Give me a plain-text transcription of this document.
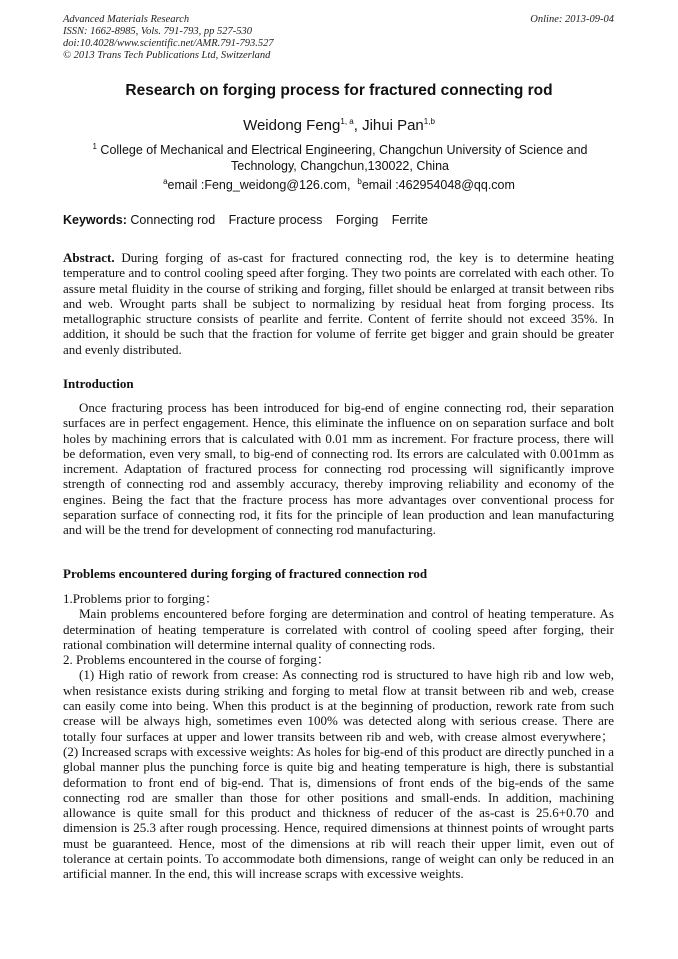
Advanced Materials Research
ISSN: 1662-8985, Vols. 791-793, pp 527-530
doi:10.4028/www.scientific.net/AMR.791-793.527
© 2013 Trans Tech Publications Ltd, Switzerland
Online: 2013-09-04
Research on forging process for fractured connecting rod
Weidong Feng$^{1, a}$, Jihui Pan$^{1,b}$
$^1$ College of Mechanical and Electrical Engineering, Changchun University of Science and Technology, Changchun,130022, China
$^a$email :Feng_weidong@126.com, $^b$email :462954048@qq.com
Keywords: Connecting rod Fracture process Forging Ferrite
Abstract. During forging of as-cast for fractured connecting rod, the key is to determine heating temperature and to control cooling speed after forging. They two points are correlated with each other. To assure metal fluidity in the course of striking and forging, fillet should be enlarged at transit between ribs and web. Wrought parts shall be subject to normalizing by residual heat from forging process. Its metallographic structure consists of pearlite and ferrite. Content of ferrite should not exceed 35%. In addition, it should be such that the fraction for volume of ferrite get bigger and grain should be greater and evenly distributed.
Introduction

Once fracturing process has been introduced for big-end of engine connecting rod, their separation surfaces are in perfect engagement. Hence, this eliminate the influence on on separation surface and bolt holes by machining errors that is calculated with 0.01 mm as increment. For fracture process, there will be deformation, even very small, to big-end of connecting rod. Its errors are calculated with 0.001mm as increment. Adaptation of fractured process for connecting rod processing will significantly improve strength of connecting rod and assembly accuracy, thereby improving reliability and economy of the engines. Being the fact that the fracture process has more advantages over conventional process for separation surface of connecting rod, it fits for the principle of lean production and lean manufacturing and will be the trend for development of connecting rod manufacturing.

Problems encountered during forging of fractured connection rod

1.Problems prior to forging：

Main problems encountered before forging are determination and control of heating temperature. As determination of heating temperature is correlated with control of cooling speed after forging, their rational combination will determine internal quality of connecting rods.

2. Problems encountered in the course of forging：

(1) High ratio of rework from crease: As connecting rod is structured to have high rib and low web, when resistance exists during striking and forging to metal flow at transit between rib and web, crease can easily come into being. When this product is at the beginning of production, rework rate from such crease will be always high, sometimes even 100% was detected along with serious crease. There are totally four surfaces at upper and lower transits between rib and web, with crease almost everywhere；(2) Increased scraps with excessive weights: As holes for big-end of this product are directly punched in a global manner plus the punching force is quite big and heating temperature is high, there is substantial deformation to front end of big-end. That is, dimensions of front ends of the big-ends of the same connecting rod are smaller than those for other positions and small-ends. In addition, machining allowance is quite small for this product and thickness of reducer of the as-cast is 25.6+0.70 and dimension is 25.3 after rough processing. Hence, required dimensions at thinnest points of wrought parts must be guaranteed. Hence, most of the dimensions at rib will reach their upper limit, even out of tolerance at certain points. To accommodate both dimensions, range of weight can only be reduced in an artificial manner. In the end, this will increase scraps with excessive weights.
